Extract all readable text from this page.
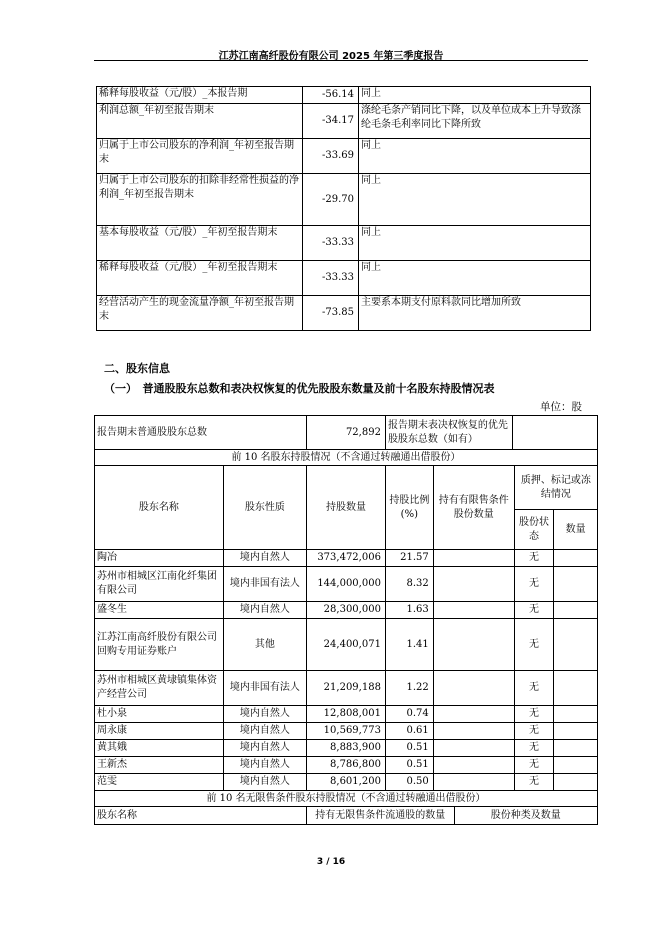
江苏江南高纤股份有限公司 2025 年第三季度报告
稀释每股收益（元/股）_本报告期	-56.14	同上
利润总额_年初至报告期末	-34.17	涤纶毛条产销同比下降，以及单位成本上升导致涤纶毛条毛利率同比下降所致
归属于上市公司股东的净利润_年初至报告期末	-33.69	同上
归属于上市公司股东的扣除非经常性损益的净利润_年初至报告期末	-29.70	同上
基本每股收益（元/股）_年初至报告期末	-33.33	同上
稀释每股收益（元/股）_年初至报告期末	-33.33	同上
经营活动产生的现金流量净额_年初至报告期末	-73.85	主要系本期支付原料款同比增加所致
二、股东信息
（一）　普通股股东总数和表决权恢复的优先股股东数量及前十名股东持股情况表
单位：股
报告期末普通股股东总数		72,892	报告期末表决权恢复的优先股股东总数（如有）					
前 10 名股东持股情况（不含通过转融通出借股份）								
股东名称	股东性质	持股数量	持股比例(%)	持有有限售条件股份数量			质押、标记或冻结情况	
							股份状态	数量
陶冶	境内自然人	373,472,006	21.57				无	
苏州市相城区江南化纤集团有限公司	境内非国有法人	144,000,000	8.32				无	
盛冬生	境内自然人	28,300,000	1.63				无	
江苏江南高纤股份有限公司回购专用证券账户	其他	24,400,071	1.41				无	
苏州市相城区黄埭镇集体资产经营公司	境内非国有法人	21,209,188	1.22				无	
杜小泉	境内自然人	12,808,001	0.74				无	
周永康	境内自然人	10,569,773	0.61				无	
黄其娥	境内自然人	8,883,900	0.51				无	
王新杰	境内自然人	8,786,800	0.51				无	
范雯	境内自然人	8,601,200	0.50				无	
前 10 名无限售条件股东持股情况（不含通过转融通出借股份）								
股东名称		持有无限售条件流通股的数量			股份种类及数量			
3 / 16
